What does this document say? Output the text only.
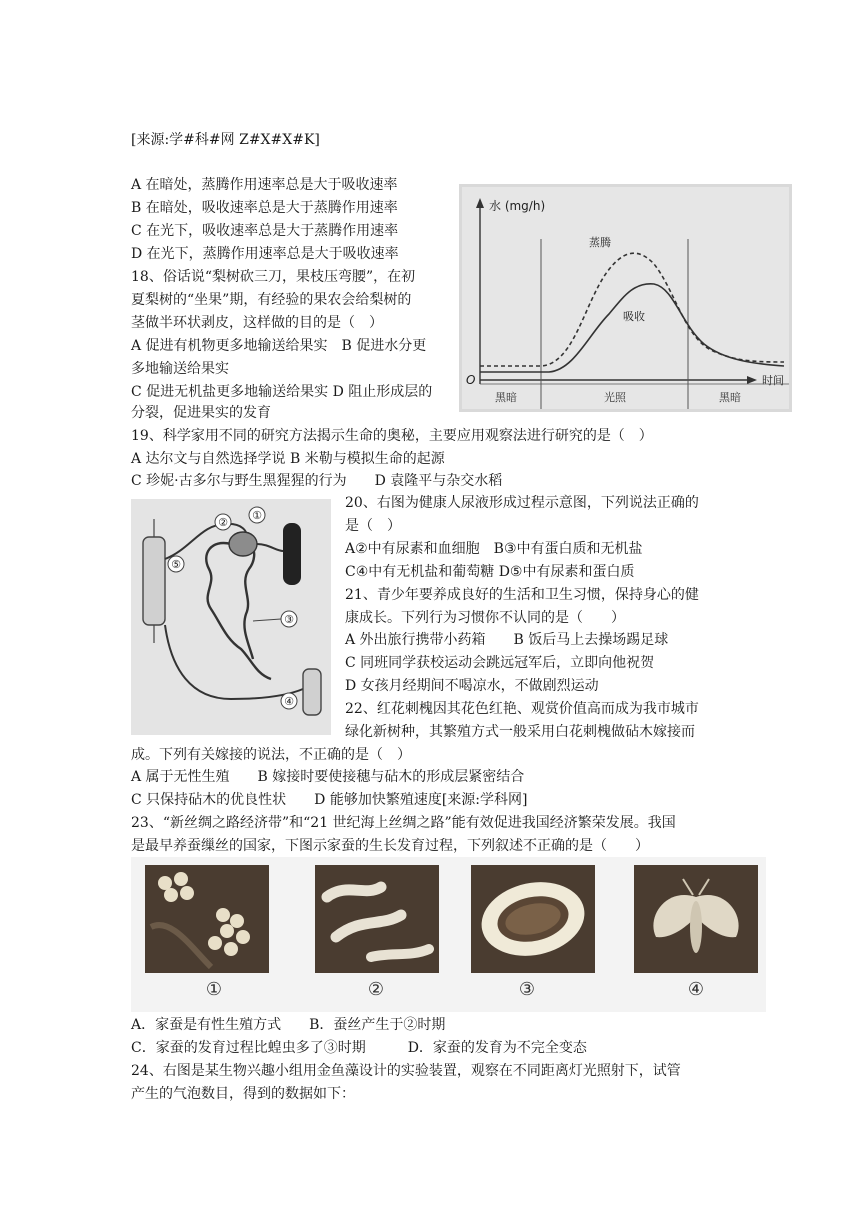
[来源:学#科#网 Z#X#X#K]
A 在暗处，蒸腾作用速率总是大于吸收速率
B 在暗处，吸收速率总是大于蒸腾作用速率
C 在光下，吸收速率总是大于蒸腾作用速率
D 在光下，蒸腾作用速率总是大于吸收速率
水 (mg/h)
时间
O
黑暗	光照	黑暗
蒸腾
吸收
18、俗话说“梨树砍三刀，果枝压弯腰”，在初
夏梨树的“坐果”期，有经验的果农会给梨树的
茎做半环状剥皮，这样做的目的是（　）
A 促进有机物更多地输送给果实　B 促进水分更
多地输送给果实
C 促进无机盐更多地输送给果实 D 阻止形成层的
分裂，促进果实的发育
19、科学家用不同的研究方法揭示生命的奥秘，主要应用观察法进行研究的是（　）
A 达尔文与自然选择学说 B 米勒与模拟生命的起源
C 珍妮·古多尔与野生黑猩猩的行为　　D 袁隆平与杂交水稻
⑤
②
①
③
④
20、右图为健康人尿液形成过程示意图，下列说法正确的
是（　）
A②中有尿素和血细胞　B③中有蛋白质和无机盐
C④中有无机盐和葡萄糖 D⑤中有尿素和蛋白质
21、青少年要养成良好的生活和卫生习惯，保持身心的健
康成长。下列行为习惯你不认同的是（　　）
A 外出旅行携带小药箱　　B 饭后马上去操场踢足球
C 同班同学获校运动会跳远冠军后，立即向他祝贺
D 女孩月经期间不喝凉水，不做剧烈运动
22、红花刺槐因其花色红艳、观赏价值高而成为我市城市
绿化新树种，其繁殖方式一般采用白花刺槐做砧木嫁接而
成。下列有关嫁接的说法，不正确的是（　）
A 属于无性生殖　　B 嫁接时要使接穗与砧木的形成层紧密结合
C 只保持砧木的优良性状　　D 能够加快繁殖速度[来源:学科网]
23、“新丝绸之路经济带”和“21 世纪海上丝绸之路”能有效促进我国经济繁荣发展。我国
是最早养蚕缫丝的国家，下图示家蚕的生长发育过程，下列叙述不正确的是（　　）
①	②	③	④
A．家蚕是有性生殖方式　　B．蚕丝产生于②时期
C．家蚕的发育过程比蝗虫多了③时期　　　D．家蚕的发育为不完全变态
24、右图是某生物兴趣小组用金鱼藻设计的实验装置，观察在不同距离灯光照射下，试管
产生的气泡数目，得到的数据如下：
